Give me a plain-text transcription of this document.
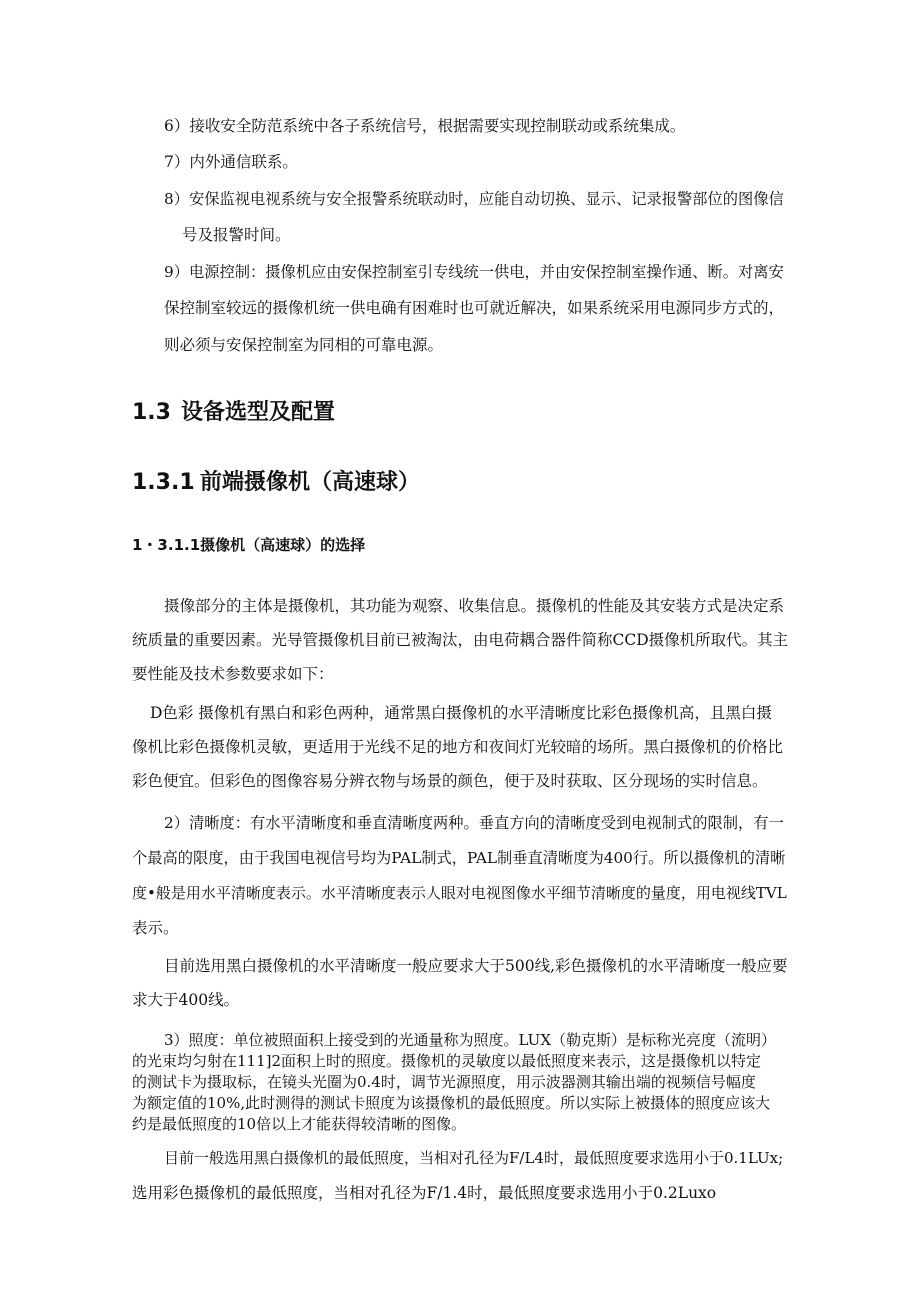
6）接收安全防范系统中各子系统信号，根据需要实现控制联动或系统集成。

7）内外通信联系。

8）安保监视电视系统与安全报警系统联动时，应能自动切换、显示、记录报警部位的图像信

号及报警时间。

9）电源控制：摄像机应由安保控制室引专线统一供电，并由安保控制室操作通、断。对离安

保控制室较远的摄像机统一供电确有困难时也可就近解决，如果系统采用电源同步方式的，

则必须与安保控制室为同相的可靠电源。

1.3 设备选型及配置
1.3.1 前端摄像机（高速球）
1・3.1.1摄像机（高速球）的选择

摄像部分的主体是摄像机，其功能为观察、收集信息。摄像机的性能及其安装方式是决定系

统质量的重要因素。光导管摄像机目前已被淘汰，由电荷耦合器件简称CCD摄像机所取代。其主

要性能及技术参数要求如下：

D色彩 摄像机有黑白和彩色两种，通常黑白摄像机的水平清晰度比彩色摄像机高，且黑白摄

像机比彩色摄像机灵敏，更适用于光线不足的地方和夜间灯光较暗的场所。黑白摄像机的价格比

彩色便宜。但彩色的图像容易分辨衣物与场景的颜色，便于及时获取、区分现场的实时信息。

2）清晰度：有水平清晰度和垂直清晰度两种。垂直方向的清晰度受到电视制式的限制，有一

个最高的限度，由于我国电视信号均为PAL制式，PAL制垂直清晰度为400行。所以摄像机的清晰

度•般是用水平清晰度表示。水平清晰度表示人眼对电视图像水平细节清晰度的量度，用电视线TVL

表示。

目前选用黑白摄像机的水平清晰度一般应要求大于500线,彩色摄像机的水平清晰度一般应要

求大于400线。

3）照度：单位被照面积上接受到的光通量称为照度。LUX（勒克斯）是标称光亮度（流明）

的光束均匀射在111]2面积上时的照度。摄像机的灵敏度以最低照度来表示，这是摄像机以特定

的测试卡为摄取标，在镜头光圈为0.4时，调节光源照度，用示波器测其输出端的视频信号幅度

为额定值的10%,此时测得的测试卡照度为该摄像机的最低照度。所以实际上被摄体的照度应该大

约是最低照度的10倍以上才能获得较清晰的图像。

目前一般选用黑白摄像机的最低照度，当相对孔径为F/L4时，最低照度要求选用小于0.1LUx;

选用彩色摄像机的最低照度，当相对孔径为F/1.4时，最低照度要求选用小于0.2Luxo
